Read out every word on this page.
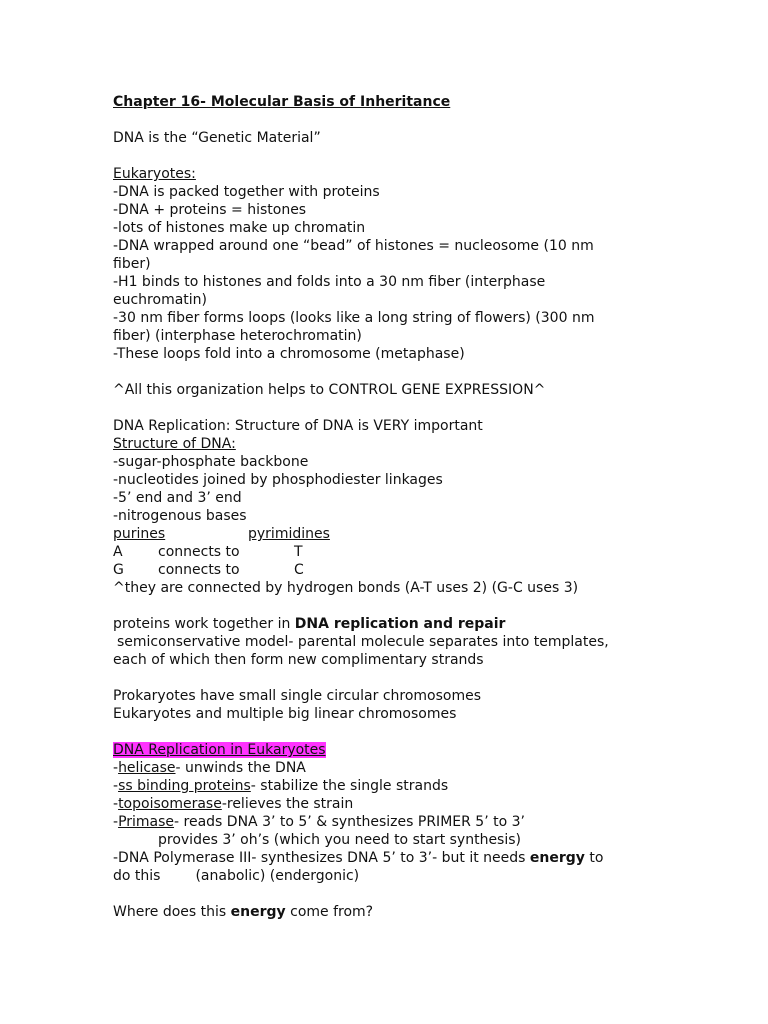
Chapter 16- Molecular Basis of Inheritance
DNA is the “Genetic Material”
Eukaryotes:
-DNA is packed together with proteins
-DNA + proteins = histones
-lots of histones make up chromatin
-DNA wrapped around one “bead” of histones = nucleosome (10 nm
fiber)
-H1 binds to histones and folds into a 30 nm fiber (interphase
euchromatin)
-30 nm fiber forms loops (looks like a long string of flowers) (300 nm
fiber) (interphase heterochromatin)
-These loops fold into a chromosome (metaphase)
^All this organization helps to CONTROL GENE EXPRESSION^
DNA Replication: Structure of DNA is VERY important
Structure of DNA:
-sugar-phosphate backbone
-nucleotides joined by phosphodiester linkages
-5’ end and 3’ end
-nitrogenous bases
purines	pyrimidines
A	connects to	T
G connects to	C
^they are connected by hydrogen bonds (A-T uses 2) (G-C uses 3)
proteins work together in DNA replication and repair
semiconservative model- parental molecule separates into templates,
each of which then form new complimentary strands
Prokaryotes have small single circular chromosomes
Eukaryotes and multiple big linear chromosomes
DNA Replication in Eukaryotes
-helicase- unwinds the DNA
-ss binding proteins- stabilize the single strands
-topoisomerase-relieves the strain
-Primase- reads DNA 3’ to 5’ & synthesizes PRIMER 5’ to 3’
provides 3’ oh’s (which you need to start synthesis)
-DNA Polymerase III- synthesizes DNA 5’ to 3’- but it needs energy to
do this	(anabolic) (endergonic)
Where does this energy come from?
